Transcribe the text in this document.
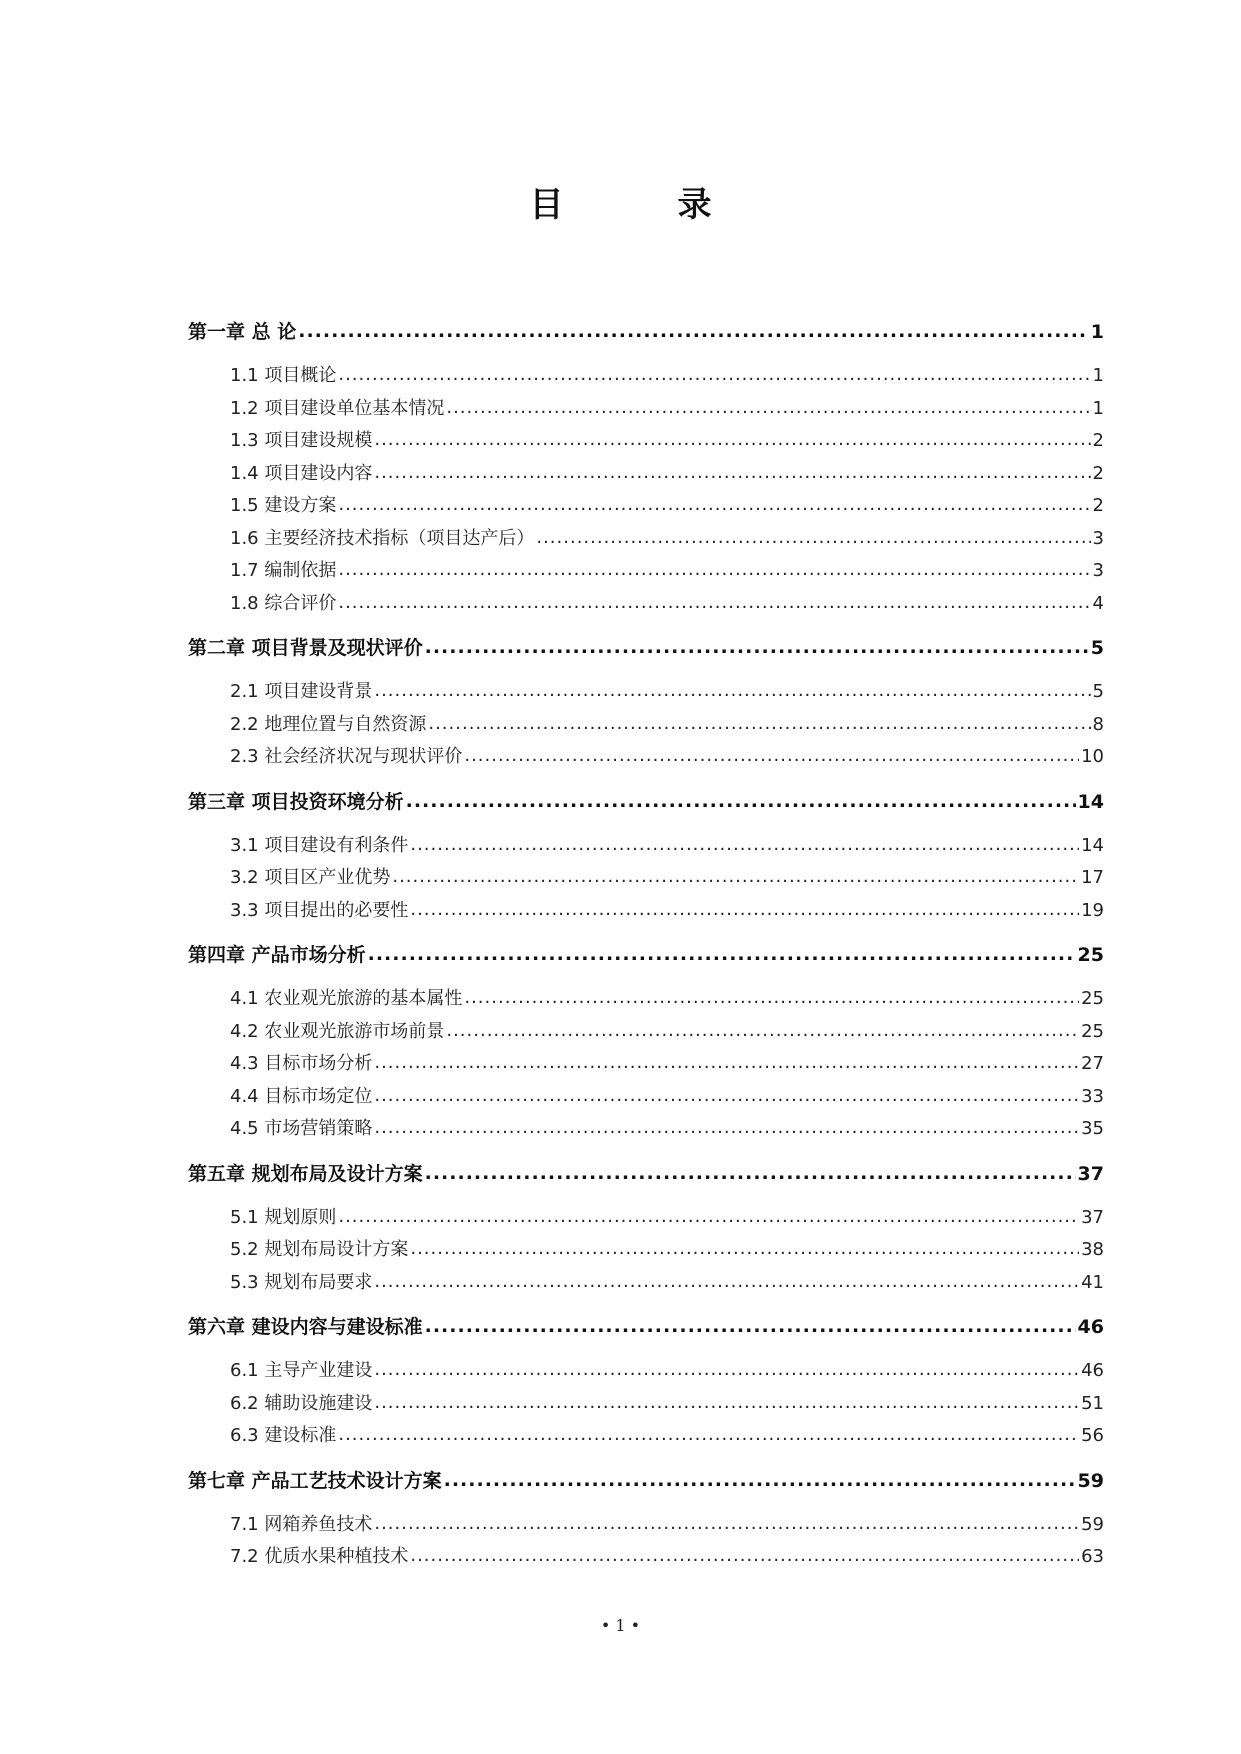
目　录
第一章 总 论 .....	1
1.1 项目概论 .....	1
1.2 项目建设单位基本情况 .....	1
1.3 项目建设规模 .....	2
1.4 项目建设内容 .....	2
1.5 建设方案 .....	2
1.6 主要经济技术指标（项目达产后） .....	3
1.7 编制依据 .....	3
1.8 综合评价 .....	4
第二章 项目背景及现状评价 .....	5
2.1 项目建设背景 .....	5
2.2 地理位置与自然资源 .....	8
2.3 社会经济状况与现状评价 .....	10
第三章 项目投资环境分析 .....	14
3.1 项目建设有利条件 .....	14
3.2 项目区产业优势 .....	17
3.3 项目提出的必要性 .....	19
第四章 产品市场分析 .....	25
4.1 农业观光旅游的基本属性 .....	25
4.2 农业观光旅游市场前景 .....	25
4.3 目标市场分析 .....	27
4.4 目标市场定位 .....	33
4.5 市场营销策略 .....	35
第五章 规划布局及设计方案 .....	37
5.1 规划原则 .....	37
5.2 规划布局设计方案 .....	38
5.3 规划布局要求 .....	41
第六章 建设内容与建设标准 .....	46
6.1 主导产业建设 .....	46
6.2 辅助设施建设 .....	51
6.3 建设标准 .....	56
第七章 产品工艺技术设计方案 .....	59
7.1 网箱养鱼技术 .....	59
7.2 优质水果种植技术 .....	63
• 1 •
